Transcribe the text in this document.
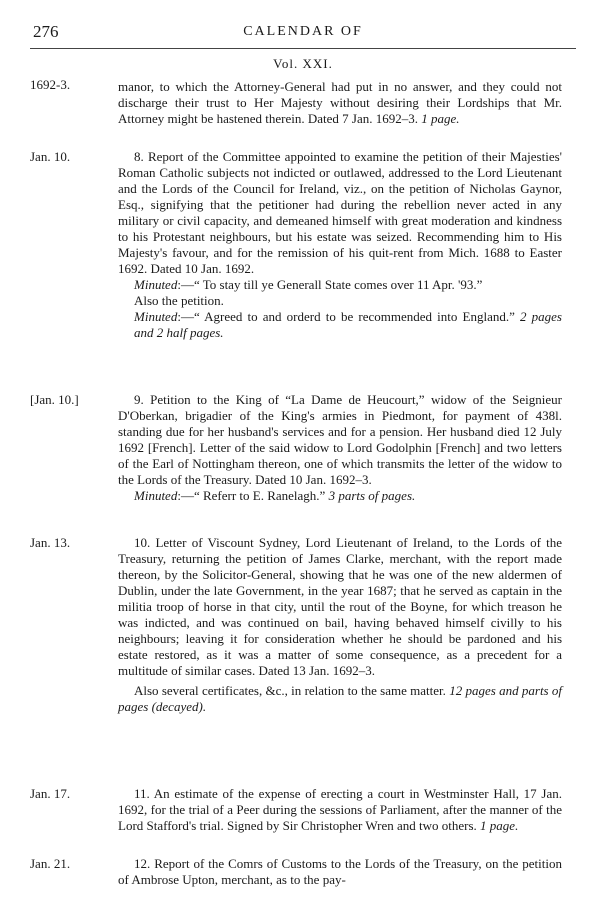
276	CALENDAR OF
Vol. XXI.
1692-3.	manor, to which the Attorney-General had put in no answer, and they could not discharge their trust to Her Majesty without desiring their Lordships that Mr. Attorney might be hastened therein. Dated 7 Jan. 1692–3. 1 page.

Jan. 10.	8. Report of the Committee appointed to examine the petition of their Majesties' Roman Catholic subjects not indicted or outlawed, addressed to the Lord Lieutenant and the Lords of the Council for Ireland, viz., on the petition of Nicholas Gaynor, Esq., signifying that the petitioner had during the rebellion never acted in any military or civil capacity, and demeaned himself with great moderation and kindness to his Protestant neighbours, but his estate was seized. Recommending him to His Majesty's favour, and for the remission of his quit-rent from Mich. 1688 to Easter 1692. Dated 10 Jan. 1692.

Minuted:—“ To stay till ye Generall State comes over 11 Apr. '93.”

Also the petition.

Minuted:—“ Agreed to and orderd to be recommended into England.” 2 pages and 2 half pages.

[Jan. 10.]	9. Petition to the King of “La Dame de Heucourt,” widow of the Seignieur D'Oberkan, brigadier of the King's armies in Piedmont, for payment of 438l. standing due for her husband's services and for a pension. Her husband died 12 July 1692 [French]. Letter of the said widow to Lord Godolphin [French] and two letters of the Earl of Nottingham thereon, one of which transmits the letter of the widow to the Lords of the Treasury. Dated 10 Jan. 1692–3.

Minuted:—“ Referr to E. Ranelagh.” 3 parts of pages.

Jan. 13.	10. Letter of Viscount Sydney, Lord Lieutenant of Ireland, to the Lords of the Treasury, returning the petition of James Clarke, merchant, with the report made thereon, by the Solicitor-General, showing that he was one of the new aldermen of Dublin, under the late Government, in the year 1687; that he served as captain in the militia troop of horse in that city, until the rout of the Boyne, for which treason he was indicted, and was continued on bail, having behaved himself civilly to his neighbours; leaving it for consideration whether he should be pardoned and his estate restored, as it was a matter of some consequence, as a precedent for a multitude of similar cases. Dated 13 Jan. 1692–3.

Also several certificates, &c., in relation to the same matter. 12 pages and parts of pages (decayed).

Jan. 17.	11. An estimate of the expense of erecting a court in Westminster Hall, 17 Jan. 1692, for the trial of a Peer during the sessions of Parliament, after the manner of the Lord Stafford's trial. Signed by Sir Christopher Wren and two others. 1 page.

Jan. 21.	12. Report of the Comrs of Customs to the Lords of the Treasury, on the petition of Ambrose Upton, merchant, as to the pay-
